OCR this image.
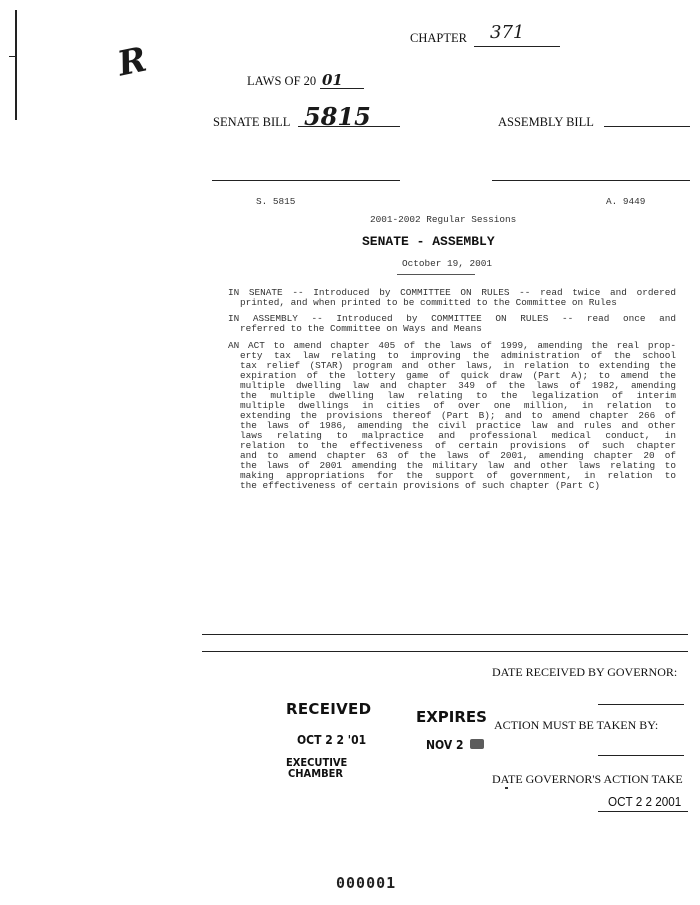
R
CHAPTER 371
LAWS OF 20 01
SENATE BILL 5815	ASSEMBLY BILL
S. 5815	A. 9449
2001-2002 Regular Sessions
SENATE - ASSEMBLY
October 19, 2001
IN SENATE -- Introduced by COMMITTEE ON RULES -- read twice and ordered
printed, and when printed to be committed to the Committee on Rules
IN ASSEMBLY -- Introduced by COMMITTEE ON RULES -- read once and
referred to the Committee on Ways and Means
AN ACT to amend chapter 405 of the laws of 1999, amending the real prop-
erty tax law relating to improving the administration of the school
tax relief (STAR) program and other laws, in relation to extending the
expiration of the lottery game of quick draw (Part A); to amend the
multiple dwelling law and chapter 349 of the laws of 1982, amending
the multiple dwelling law relating to the legalization of interim
multiple dwellings in cities of over one million, in relation to
extending the provisions thereof (Part B); and to amend chapter 266 of
the laws of 1986, amending the civil practice law and rules and other
laws relating to malpractice and professional medical conduct, in
relation to the effectiveness of certain provisions of such chapter
and to amend chapter 63 of the laws of 2001, amending chapter 20 of
the laws of 2001 amending the military law and other laws relating to
making appropriations for the support of government, in relation to
the effectiveness of certain provisions of such chapter (Part C)
DATE RECEIVED BY GOVERNOR:
RECEIVED
OCT 2 2 '01
EXECUTIVE
CHAMBER
EXPIRES
NOV 2
ACTION MUST BE TAKEN BY:
DATE GOVERNOR'S ACTION TAKE
OCT 2 2 2001
000001
